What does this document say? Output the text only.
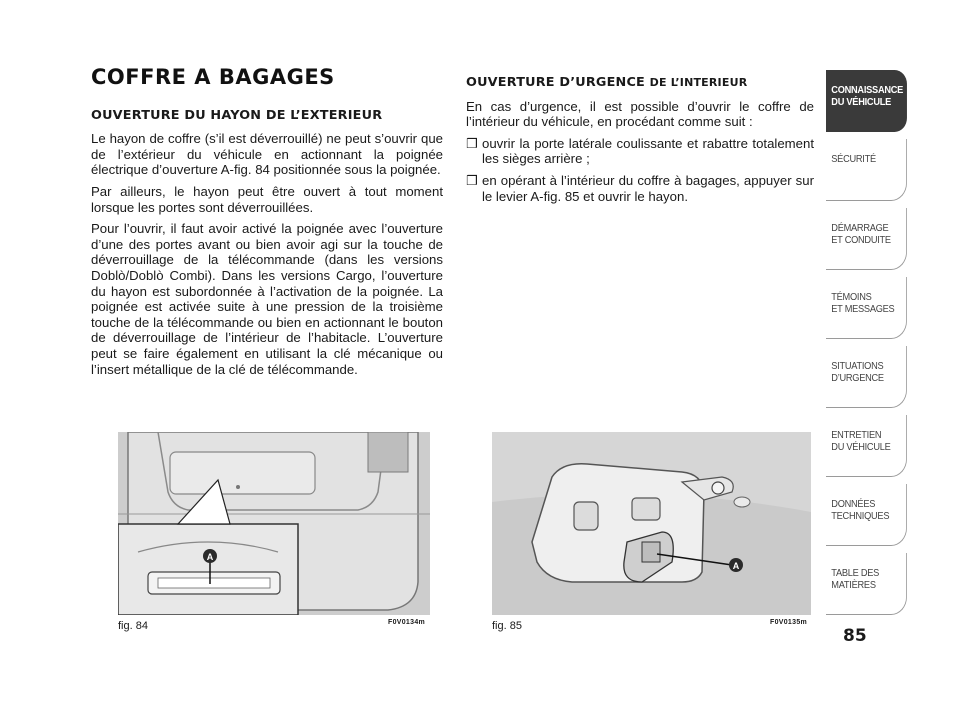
COFFRE A BAGAGES
OUVERTURE DU HAYON DE L’EXTERIEUR

Le hayon de coffre (s’il est déverrouillé) ne peut s’ouvrir que de l’extérieur du véhicule en actionnant la poignée électrique d’ouverture A-fig. 84 positionnée sous la poignée.

Par ailleurs, le hayon peut être ouvert à tout moment lorsque les portes sont déverrouillées.

Pour l’ouvrir, il faut avoir activé la poignée avec l’ouverture d’une des portes avant ou bien avoir agi sur la touche de déverrouillage de la télécommande (dans les versions Doblò/Doblò Combi). Dans les versions Cargo, l’ouverture du hayon est subordonnée à l’activation de la poignée. La poignée est activée suite à une pression de la troisième touche de la télécommande ou bien en actionnant le bouton de déverrouillage de l’intérieur de l’habitacle. L’ouverture peut se faire également en utilisant la clé mécanique ou l’insert métallique de la clé de télécommande.

OUVERTURE D’URGENCE DE L’INTERIEUR

En cas d’urgence, il est possible d’ouvrir le coffre de l’intérieur du véhicule, en procédant comme suit :

❒ ouvrir la porte latérale coulissante et rabattre totalement les sièges arrière ;
❒ en opérant à l’intérieur du coffre à bagages, appuyer sur le levier A-fig. 85 et ouvrir le hayon.
A
fig. 84	F0V0134m
A
fig. 85	F0V0135m
CONNAISSANCE
DU VÉHICULE
SÉCURITÉ
DÉMARRAGE
ET CONDUITE
TÉMOINS
ET MESSAGES
SITUATIONS
D’URGENCE
ENTRETIEN
DU VÉHICULE
DONNÉES
TECHNIQUES
TABLE DES
MATIÈRES
85
